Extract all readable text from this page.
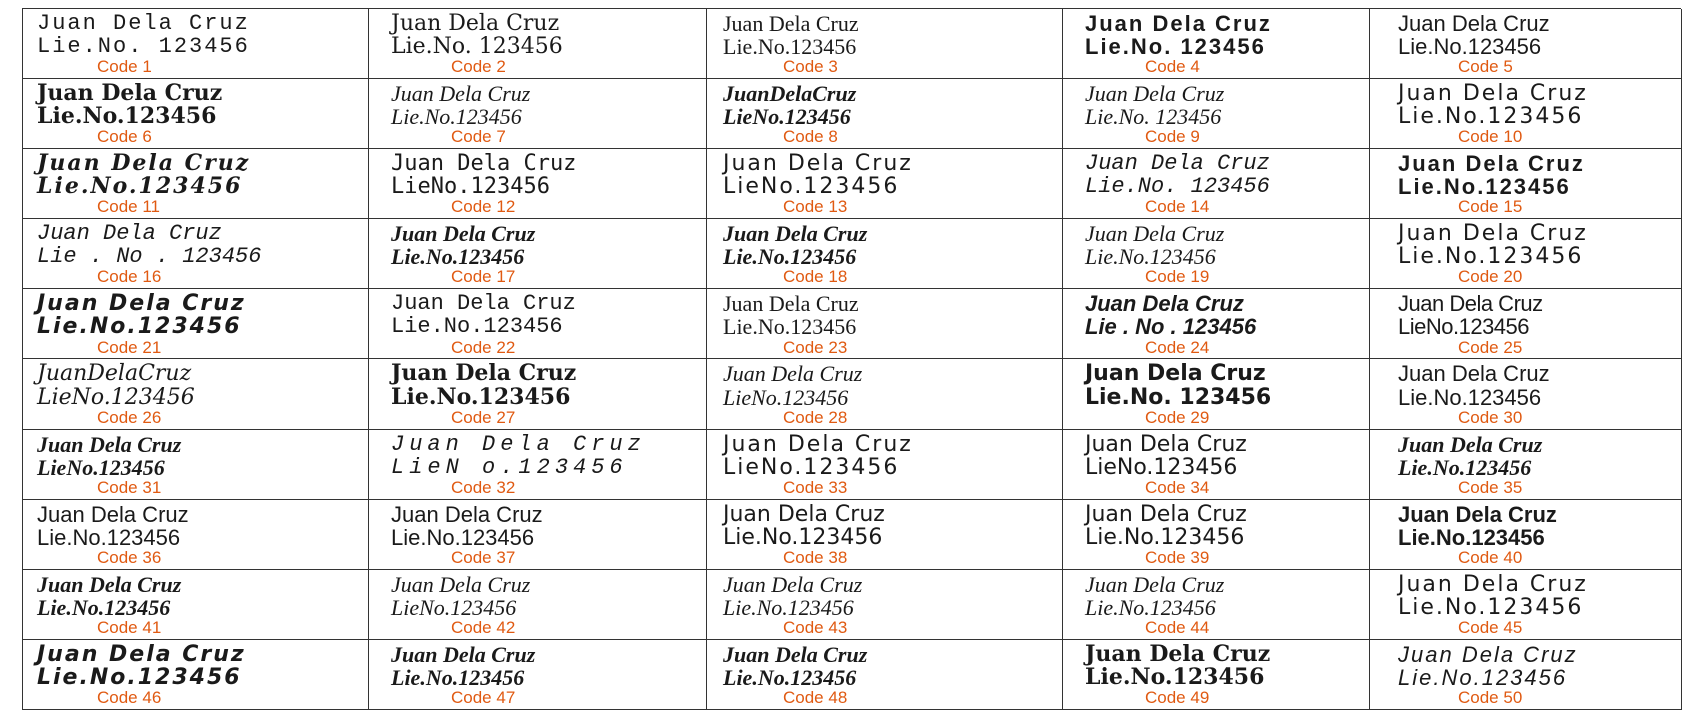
Juan Dela Cruz
Lie.No. 123456
Code 1
Juan Dela Cruz
Lie.No. 123456
Code 2
Juan Dela Cruz
Lie.No.123456
Code 3
Juan Dela Cruz
Lie.No. 123456
Code 4
Juan Dela Cruz
Lie.No.123456
Code 5
Juan Dela Cruz
Lie.No.123456
Code 6
Juan Dela Cruz
Lie.No.123456
Code 7
JuanDelaCruz
LieNo.123456
Code 8
Juan Dela Cruz
Lie.No. 123456
Code 9
Juan Dela Cruz
Lie.No.123456
Code 10
Juan Dela Cruz
Lie.No.123456
Code 11
Juan Dela Cruz
LieNo.123456
Code 12
Juan Dela Cruz
LieNo.123456
Code 13
Juan Dela Cruz
Lie.No. 123456
Code 14
Juan Dela Cruz
Lie.No.123456
Code 15
Juan Dela Cruz
Lie . No . 123456
Code 16
Juan Dela Cruz
Lie.No.123456
Code 17
Juan Dela Cruz
Lie.No.123456
Code 18
Juan Dela Cruz
Lie.No.123456
Code 19
Juan Dela Cruz
Lie.No.123456
Code 20
Juan Dela Cruz
Lie.No.123456
Code 21
Juan Dela Cruz
Lie.No.123456
Code 22
Juan Dela Cruz
Lie.No.123456
Code 23
Juan Dela Cruz
Lie . No . 123456
Code 24
Juan Dela Cruz
LieNo.123456
Code 25
JuanDelaCruz
LieNo.123456
Code 26
Juan Dela Cruz
Lie.No.123456
Code 27
Juan Dela Cruz
LieNo.123456
Code 28
Juan Dela Cruz
Lie.No. 123456
Code 29
Juan Dela Cruz
Lie.No.123456
Code 30
Juan Dela Cruz
LieNo.123456
Code 31
Juan Dela Cruz
LieN o.123456
Code 32
Juan Dela Cruz
LieNo.123456
Code 33
Juan Dela Cruz
LieNo.123456
Code 34
Juan Dela Cruz
Lie.No.123456
Code 35
Juan Dela Cruz
Lie.No.123456
Code 36
Juan Dela Cruz
Lie.No.123456
Code 37
Juan Dela Cruz
Lie.No.123456
Code 38
Juan Dela Cruz
Lie.No.123456
Code 39
Juan Dela Cruz
Lie.No.123456
Code 40
Juan Dela Cruz
Lie.No.123456
Code 41
Juan Dela Cruz
LieNo.123456
Code 42
Juan Dela Cruz
Lie.No.123456
Code 43
Juan Dela Cruz
Lie.No.123456
Code 44
Juan Dela Cruz
Lie.No.123456
Code 45
Juan Dela Cruz
Lie.No.123456
Code 46
Juan Dela Cruz
Lie.No.123456
Code 47
Juan Dela Cruz
Lie.No.123456
Code 48
Juan Dela Cruz
Lie.No.123456
Code 49
Juan Dela Cruz
Lie.No.123456
Code 50
